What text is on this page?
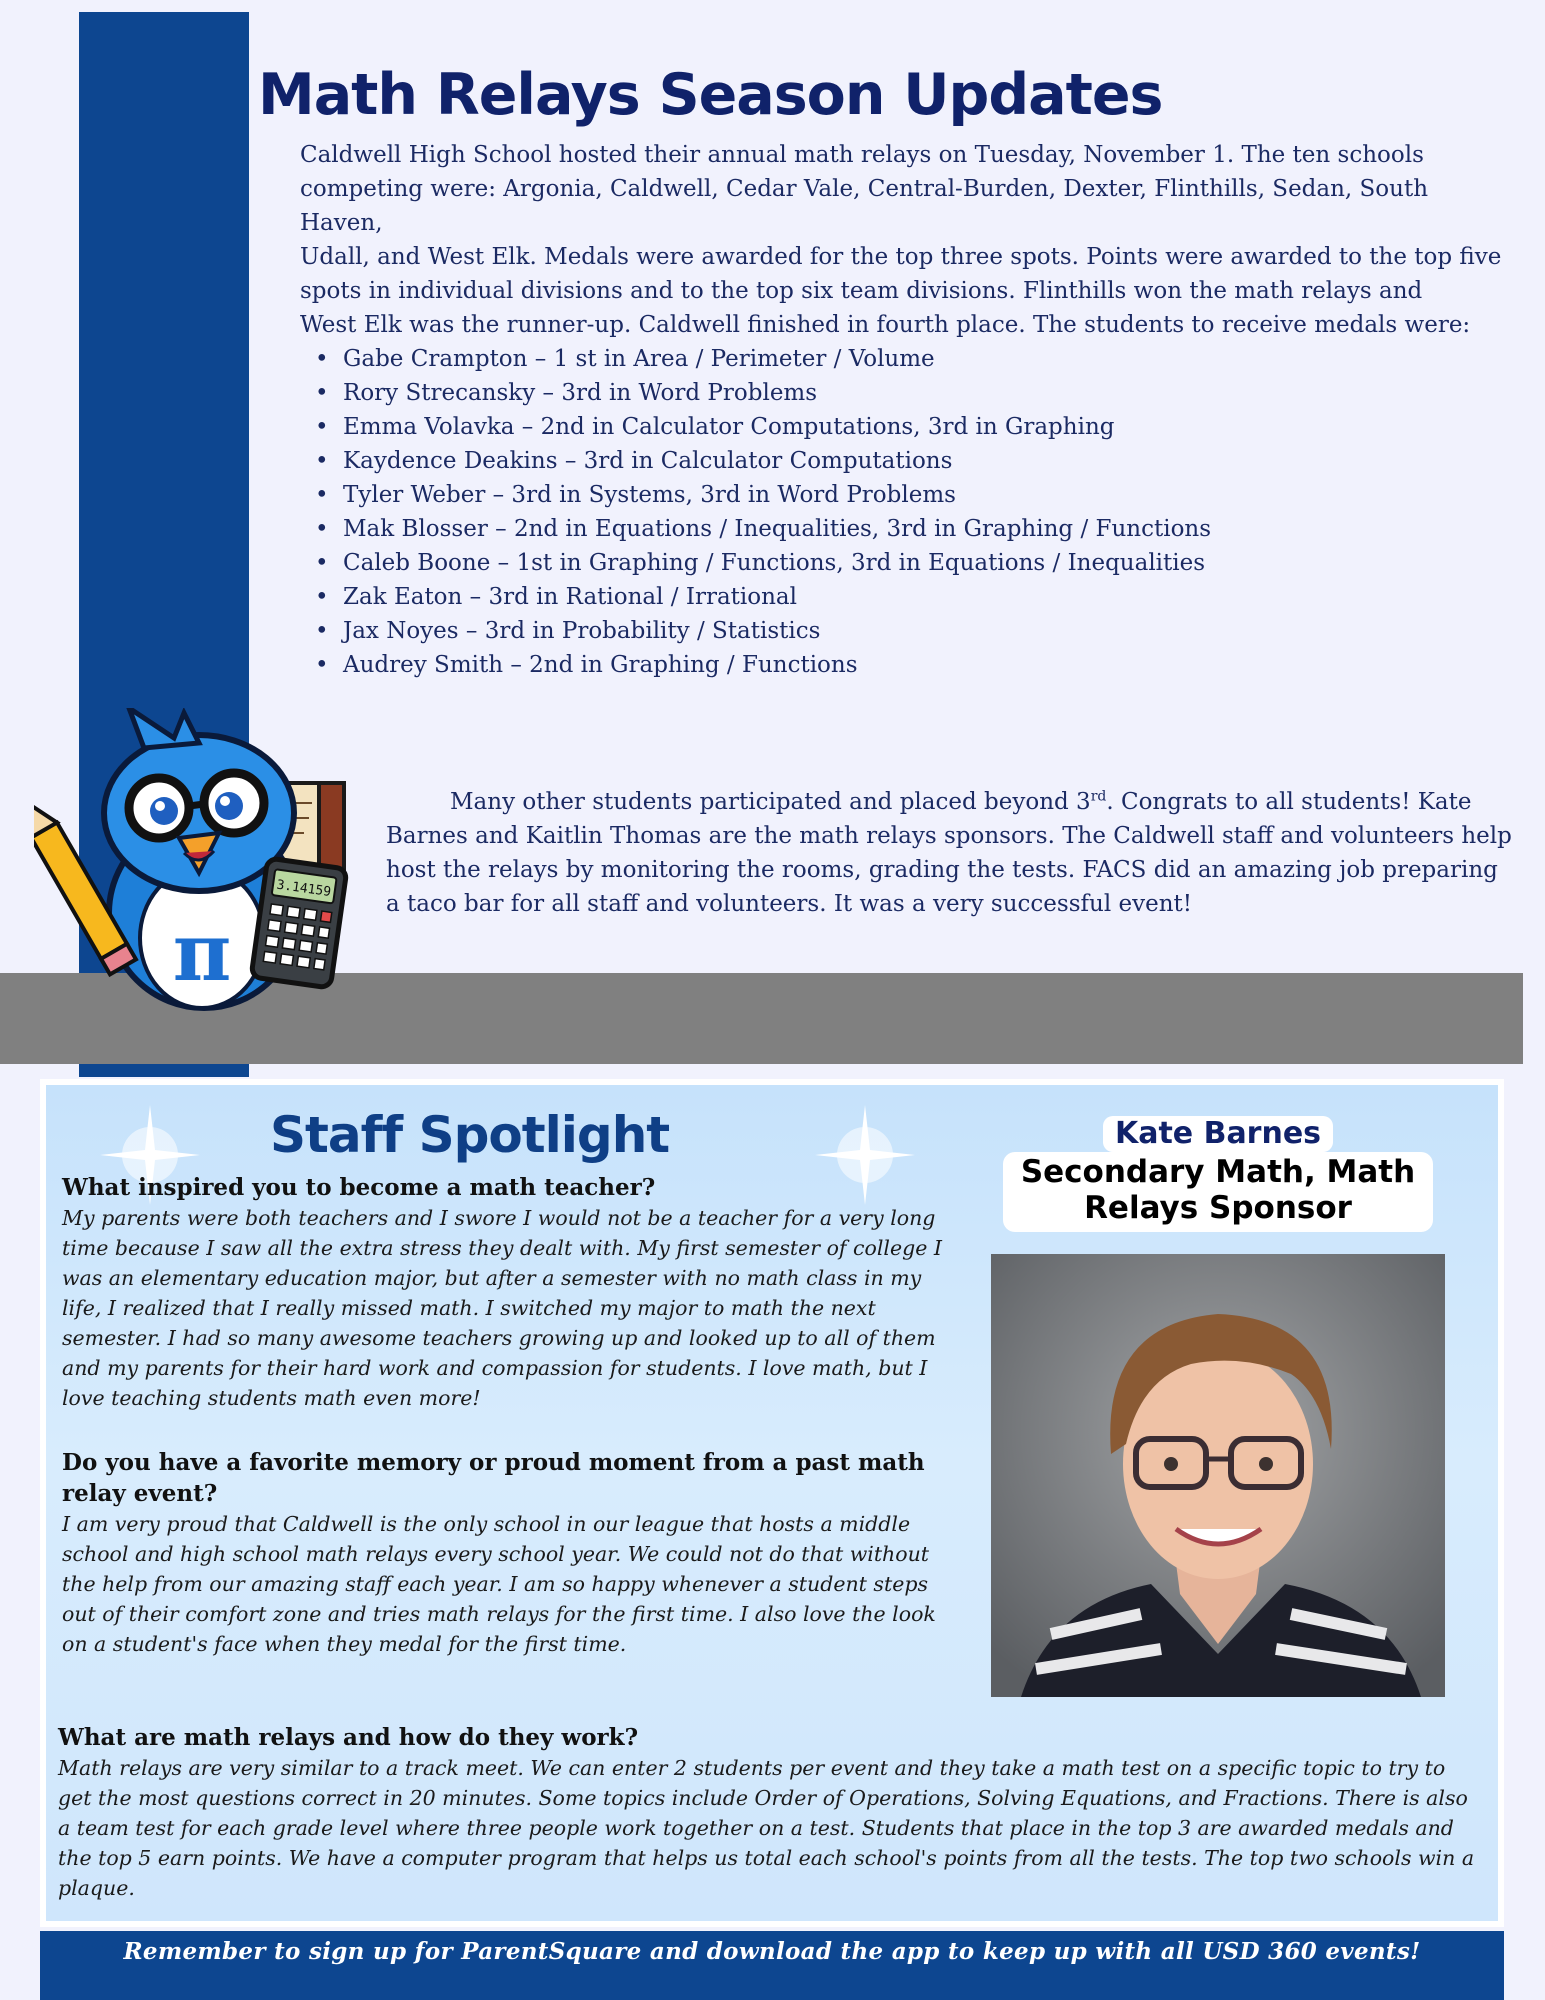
Math Relays Season Updates

Caldwell High School hosted their annual math relays on Tuesday, November 1. The ten schools competing were: Argonia, Caldwell, Cedar Vale, Central-Burden, Dexter, Flinthills, Sedan, South Haven,

Udall, and West Elk. Medals were awarded for the top three spots. Points were awarded to the top five spots in individual divisions and to the top six team divisions. Flinthills won the math relays and

West Elk was the runner-up. Caldwell finished in fourth place. The students to receive medals were:

• Gabe Crampton – 1 st in Area / Perimeter / Volume
• Rory Strecansky – 3rd in Word Problems
• Emma Volavka – 2nd in Calculator Computations, 3rd in Graphing
• Kaydence Deakins – 3rd in Calculator Computations
• Tyler Weber – 3rd in Systems, 3rd in Word Problems
• Mak Blosser – 2nd in Equations / Inequalities, 3rd in Graphing / Functions
• Caleb Boone – 1st in Graphing / Functions, 3rd in Equations / Inequalities
• Zak Eaton – 3rd in Rational / Irrational
• Jax Noyes – 3rd in Probability / Statistics
• Audrey Smith – 2nd in Graphing / Functions

Many other students participated and placed beyond 3rd. Congrats to all students! Kate Barnes and Kaitlin Thomas are the math relays sponsors. The Caldwell staff and volunteers help host the relays by monitoring the rooms, grading the tests. FACS did an amazing job preparing a taco bar for all staff and volunteers. It was a very successful event!

π
3.14159
Staff Spotlight

What inspired you to become a math teacher?

My parents were both teachers and I swore I would not be a teacher for a very long time because I saw all the extra stress they dealt with. My first semester of college I was an elementary education major, but after a semester with no math class in my life, I realized that I really missed math. I switched my major to math the next semester. I had so many awesome teachers growing up and looked up to all of them and my parents for their hard work and compassion for students. I love math, but I love teaching students math even more!

Do you have a favorite memory or proud moment from a past math relay event?

I am very proud that Caldwell is the only school in our league that hosts a middle school and high school math relays every school year. We could not do that without the help from our amazing staff each year. I am so happy whenever a student steps out of their comfort zone and tries math relays for the first time. I also love the look on a student's face when they medal for the first time.

What are math relays and how do they work?

Math relays are very similar to a track meet. We can enter 2 students per event and they take a math test on a specific topic to try to get the most questions correct in 20 minutes. Some topics include Order of Operations, Solving Equations, and Fractions. There is also a team test for each grade level where three people work together on a test. Students that place in the top 3 are awarded medals and the top 5 earn points. We have a computer program that helps us total each school's points from all the tests. The top two schools win a plaque.

Kate Barnes
Secondary Math, Math Relays Sponsor
Remember to sign up for ParentSquare and download the app to keep up with all USD 360 events!
